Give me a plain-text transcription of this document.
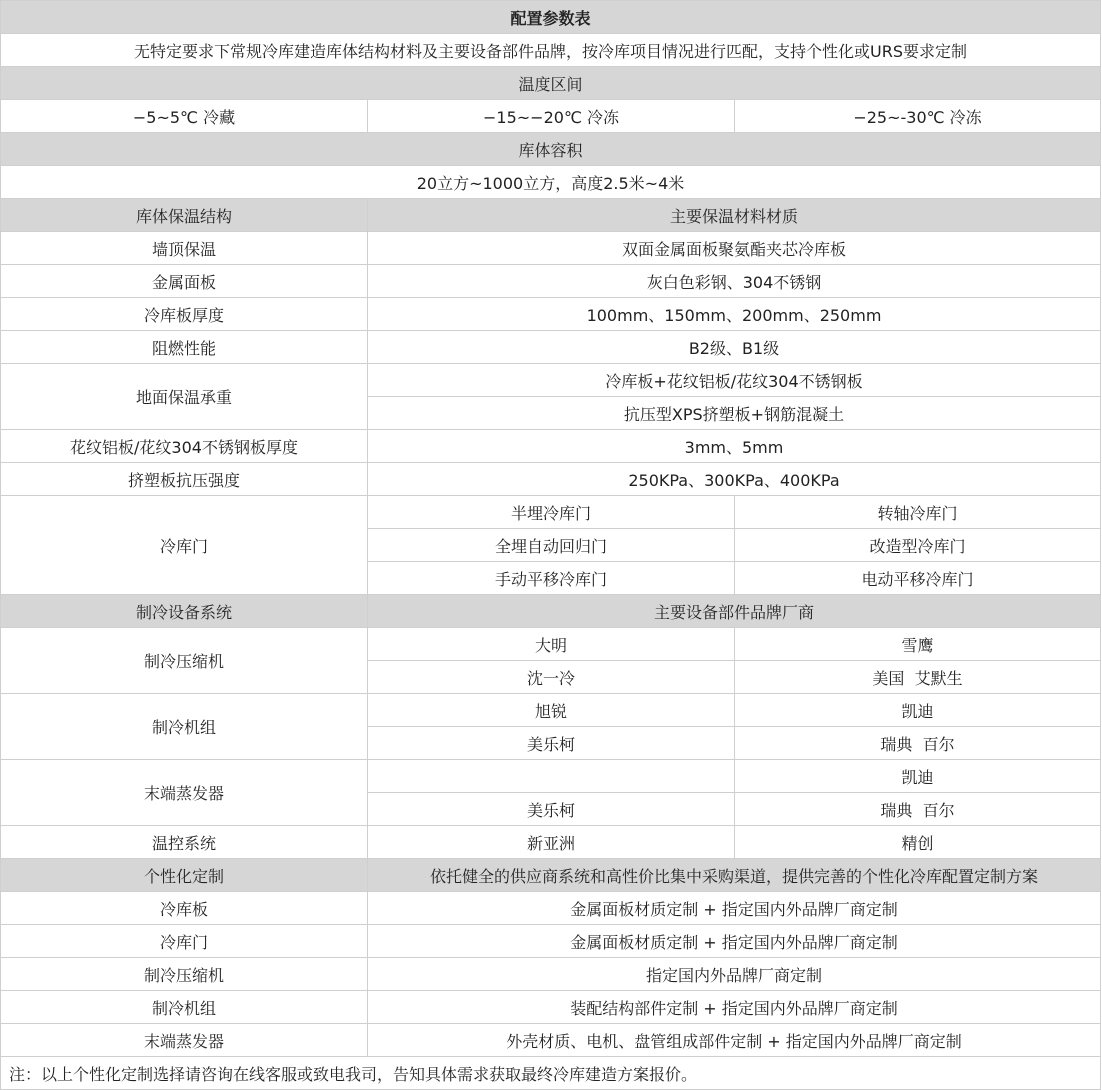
配置参数表		
无特定要求下常规冷库建造库体结构材料及主要设备部件品牌，按冷库项目情况进行匹配，支持个性化或URS要求定制		
温度区间		
−5~5℃ 冷藏	−15~−20℃ 冷冻	−25~-30℃ 冷冻
库体容积		
20立方~1000立方，高度2.5米~4米		
库体保温结构	主要保温材料材质	
墙顶保温	双面金属面板聚氨酯夹芯冷库板	
金属面板	灰白色彩钢、304不锈钢	
冷库板厚度	100mm、150mm、200mm、250mm	
阻燃性能	B2级、B1级	
地面保温承重	冷库板+花纹铝板/花纹304不锈钢板	
	抗压型XPS挤塑板+钢筋混凝土	
花纹铝板/花纹304不锈钢板厚度	3mm、5mm	
挤塑板抗压强度	250KPa、300KPa、400KPa	
冷库门	半埋冷库门	转轴冷库门
	全埋自动回归门	改造型冷库门
	手动平移冷库门	电动平移冷库门
制冷设备系统	主要设备部件品牌厂商	
制冷压缩机	大明	雪鹰
	沈一冷	美国  艾默生
制冷机组	旭锐	凯迪
	美乐柯	瑞典  百尔
末端蒸发器		凯迪
	美乐柯	瑞典  百尔
温控系统	新亚洲	精创
个性化定制	依托健全的供应商系统和高性价比集中采购渠道，提供完善的个性化冷库配置定制方案	
冷库板	金属面板材质定制 + 指定国内外品牌厂商定制	
冷库门	金属面板材质定制 + 指定国内外品牌厂商定制	
制冷压缩机	指定国内外品牌厂商定制	
制冷机组	装配结构部件定制 + 指定国内外品牌厂商定制	
末端蒸发器	外壳材质、电机、盘管组成部件定制 + 指定国内外品牌厂商定制	
注：以上个性化定制选择请咨询在线客服或致电我司，告知具体需求获取最终冷库建造方案报价。		
